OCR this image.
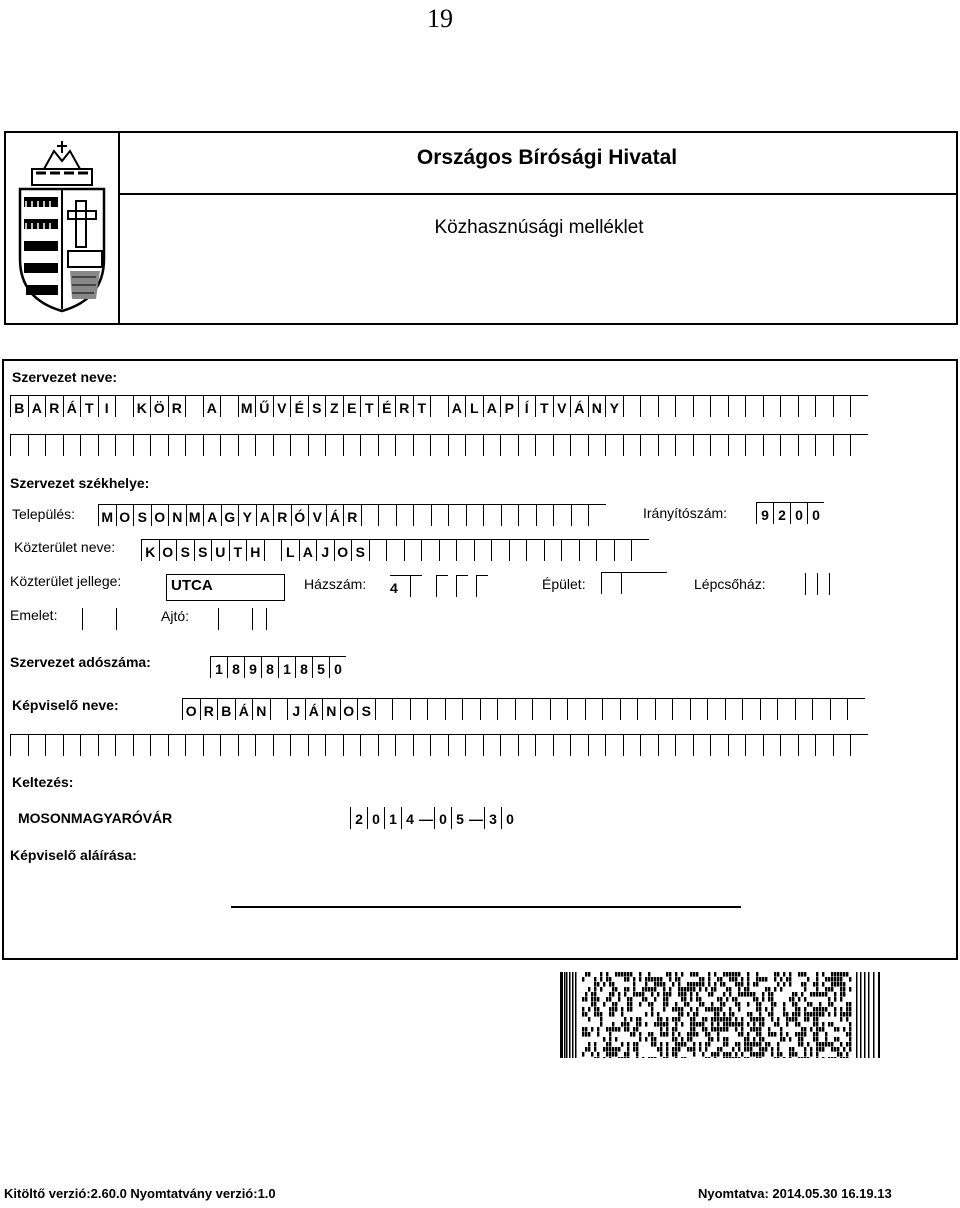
19
Országos Bírósági Hivatal
Közhasznúsági melléklet
Szervezet neve:
B A R Á T I	K Ö R A M Ű V É S Z E T É R T A L A P Í T V Á N Y
Szervezet székhelye:
Település: M O S O N M A G Y A R Ó V Á R	Irányítószám:	9 2 0 0
Közterület neve: K O S S U T H	L A J O S
Közterület jellege:	UTCA	Házszám: 4	Épület:	Lépcsőház:
Emelet:	Ajtó:
Szervezet adószáma:	1 8 9 8 1 8 5 0
Képviselő neve:	O R B Á N	J Á N O S
Keltezés:
MOSONMAGYARÓVÁR	2 0 1 4 — 0 5 — 3 0
Képviselő aláírása:
Kitöltő verzió:2.60.0 Nyomtatvány verzió:1.0	Nyomtatva: 2014.05.30 16.19.13
